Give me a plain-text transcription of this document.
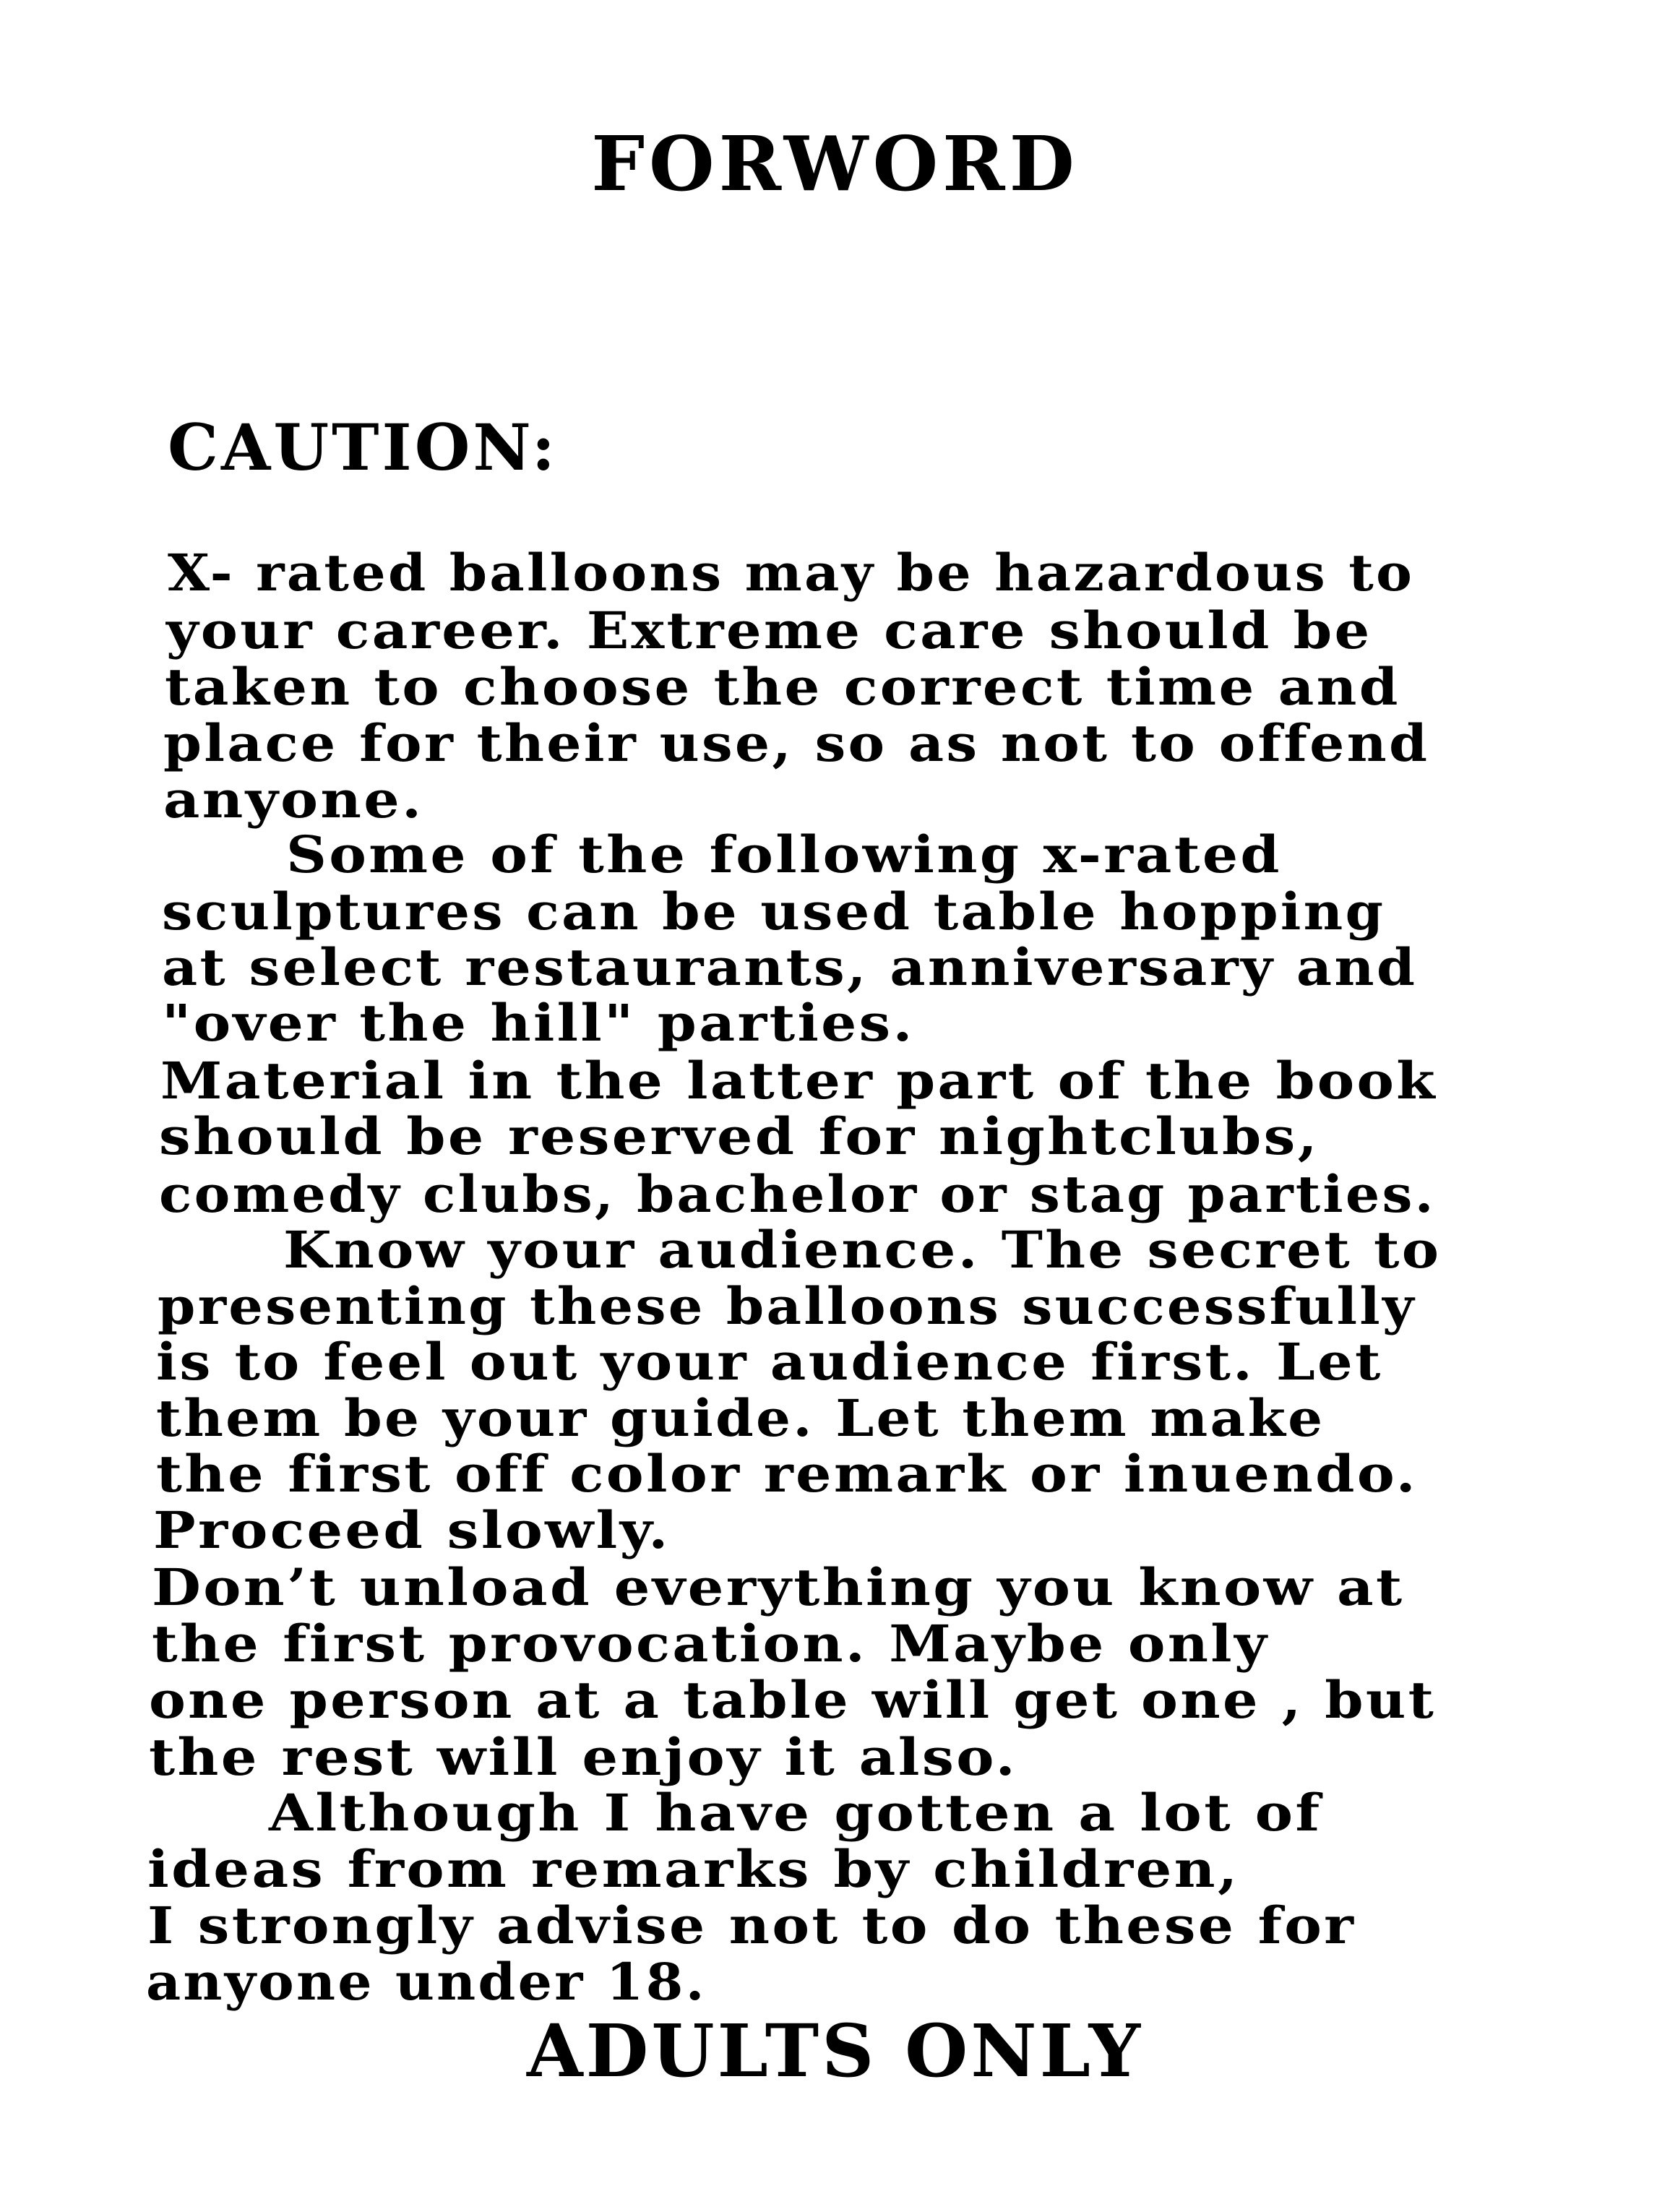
FORWORD
CAUTION:
X- rated balloons may be hazardous to
your career. Extreme care should be
taken to choose the correct time and
place for their use, so as not to offend
anyone.
Some of the following x-rated
sculptures can be used table hopping
at select restaurants, anniversary and
"over the hill" parties.
Material in the latter part of the book
should be reserved for nightclubs,
comedy clubs, bachelor or stag parties.
Know your audience. The secret to
presenting these balloons successfully
is to feel out your audience first. Let
them be your guide. Let them make
the first off color remark or inuendo.
Proceed slowly.
Don’t unload everything you know at
the first provocation. Maybe only
one person at a table will get one , but
the rest will enjoy it also.
Although I have gotten a lot of
ideas from remarks by children,
I strongly advise not to do these for
anyone under 18.
ADULTS ONLY
